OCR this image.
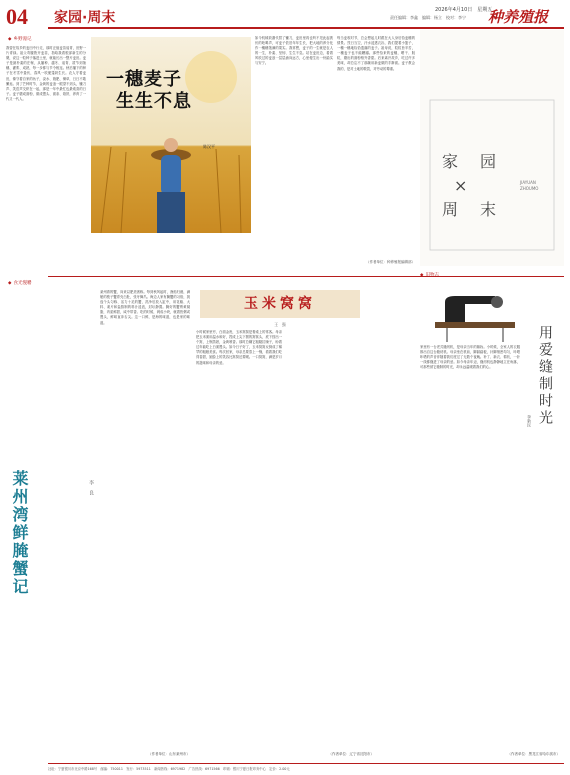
04 家园·周末	2026年4月10日　星期五
责任编辑：李鑫　编辑：杨立　校对：李宁 种养殖报
◆ 乡野漫记
我曾在故乡的麦田中行走，那时正值麦苗返青，田野一片青绿。祖父弯腰拨开麦苗，指给我看根部新生的分蘖，说这一粒种子落进土里，就能长出一整片麦田。麦子是最朴素的庄稼，从播种、越冬、返青、拔节到抽穗、灌浆、成熟，每一步都与节令相连。秋后播下的种子在冬雪中蛰伏，春风一吹便蓬勃生长。农人守着麦田，像守着自家的孩子，浇水、施肥、锄草，日日不敢懈怠。到了芒种时节，金黄的麦浪一眼望不到头，镰刀声、笑语声交织在一起，那是一年中最忙也最欢喜的日子。麦子磨成面粉，做成馒头、面条、烙饼，养育了一代又一代人。
一穗麦子
生生不息
陈汉平
如今机械收割代替了镰刀，麦田里再也听不见此起彼伏的吆喝声，可麦子依旧年年生长，把大地的养分化作一穗穗饱满的果实。我常想，麦子的一生就是农人的一生，朴素、坚韧、生生不息。站在麦田边，看着风吹过的麦浪一层层涌向远方，心里便生出一份踏实与安宁。
每当麦收时节，总会想起儿时跟在大人身后拾麦穗的情景。烈日当空，汗水浸透衣衫，我们提着小篮子，一穗一穗地捡拾遗落的麦子。祖母说，粒粒皆辛苦，一穗麦子也不能糟蹋。那些拾来的麦穗，晒干、脱粒，磨出的面粉格外香甜。后来离开故乡，吃过许多美味，却总忘不了那碗用新麦做的手擀面。麦子教会我的，是对土地的敬畏，对劳动的尊重。
（作者单位：种养殖报编辑部）
家　园
×
周　末
JIAYUAN
ZHOUMO
◆ 食光慢嚼
莱州湾鲜腌蟹记	李　良
莱州湾的蟹，向来以肥美著称。每到秋风起时，渔船归港，满舱的梭子蟹青壳白肚，张牙舞爪。海边人家有腌蟹的习俗，挑选个头匀称、活力十足的蟹，洗净后放入缸中，用花椒、大料、姜片和盐熬制的料汁浸泡，封坛静置。腌好的蟹膏黄凝脂，肉质鲜甜，咸中带香。吃的时候，剁成小块，就着热粥或馒头，鲜味直冲舌尖。这一口鲜，是海的味道，也是家的味道。
（作者单位：山东莱州市）
玉米窝窝
王　强
小时候家里穷，白面金贵，玉米窝窝是餐桌上的常客。母亲把玉米面用温水和好，捏成上尖下圆的窝窝头，底下按出一个窝，上锅蒸熟，金黄喷香。那时总嫌它粗糙拉嗓子，盼着过年能吃上白面馒头。如今日子好了，玉米窝窝反倒成了稀罕的粗粮美食。每次回家，母亲总要蒸上一锅，看着我们吃得香甜，她脸上的笑容比窝窝还要暖。一口窝窝，满是岁月的滋味和母亲的爱。
（作者单位：辽宁省沈阳市）
◆ 旧物志
用爱缝制时光
李新民
家里有一台老式缝纫机，是母亲当年的嫁妆。小时候，全家人的衣服都出自这台缝纫机。母亲坐在机前，脚踩踏板，针脚细密均匀，咔嗒咔嗒的声音伴随着我们度过了无数个夜晚。补丁、新衣、棉袄，一针一线都缝进了母亲的爱。如今母亲年迈，缝纫机也静静地立在角落，可那些被它缝制的时光，却永远温暖着我们的心。
（作者单位：黑龙江省哈尔滨市）
社址：宁夏银川市北京中路168号　邮编：750011　发行：5973511　新闻热线：6971982　广告热线：6971566　印刷：银川宁夏日报印务中心　定价：2.00元
